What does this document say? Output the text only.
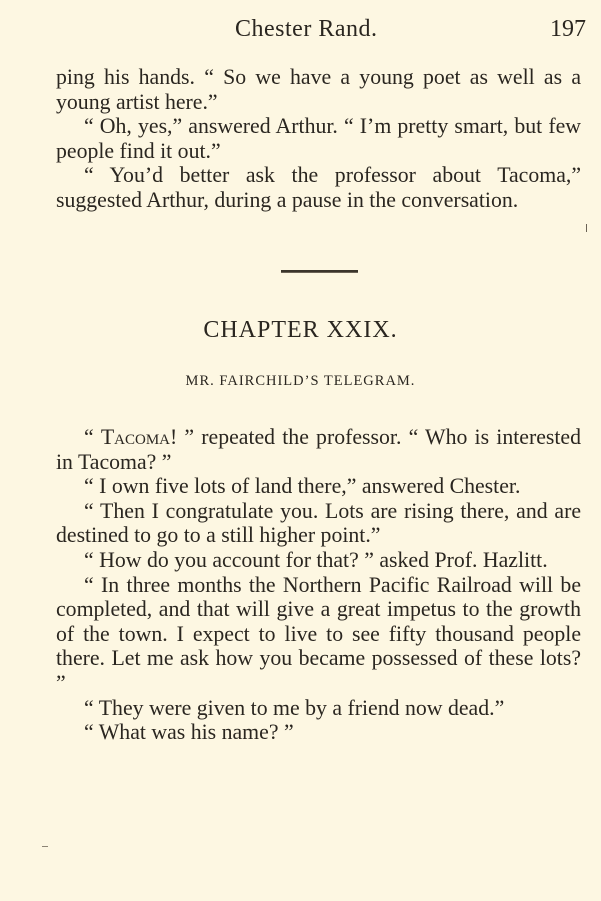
Chester Rand.	197

ping his hands. “ So we have a young poet as well as a young artist here.”

“ Oh, yes,” answered Arthur. “ I’m pretty smart, but few people find it out.”

“ You’d better ask the professor about Tacoma,” suggested Arthur, during a pause in the conversation.

CHAPTER XXIX.
MR. FAIRCHILD’S TELEGRAM.

“ Tacoma! ” repeated the professor. “ Who is interested in Tacoma? ”

“ I own five lots of land there,” answered Chester.

“ Then I congratulate you. Lots are rising there, and are destined to go to a still higher point.”

“ How do you account for that? ” asked Prof. Hazlitt.

“ In three months the Northern Pacific Railroad will be completed, and that will give a great impetus to the growth of the town. I expect to live to see fifty thousand people there. Let me ask how you became possessed of these lots? ”

“ They were given to me by a friend now dead.”

“ What was his name? ”
